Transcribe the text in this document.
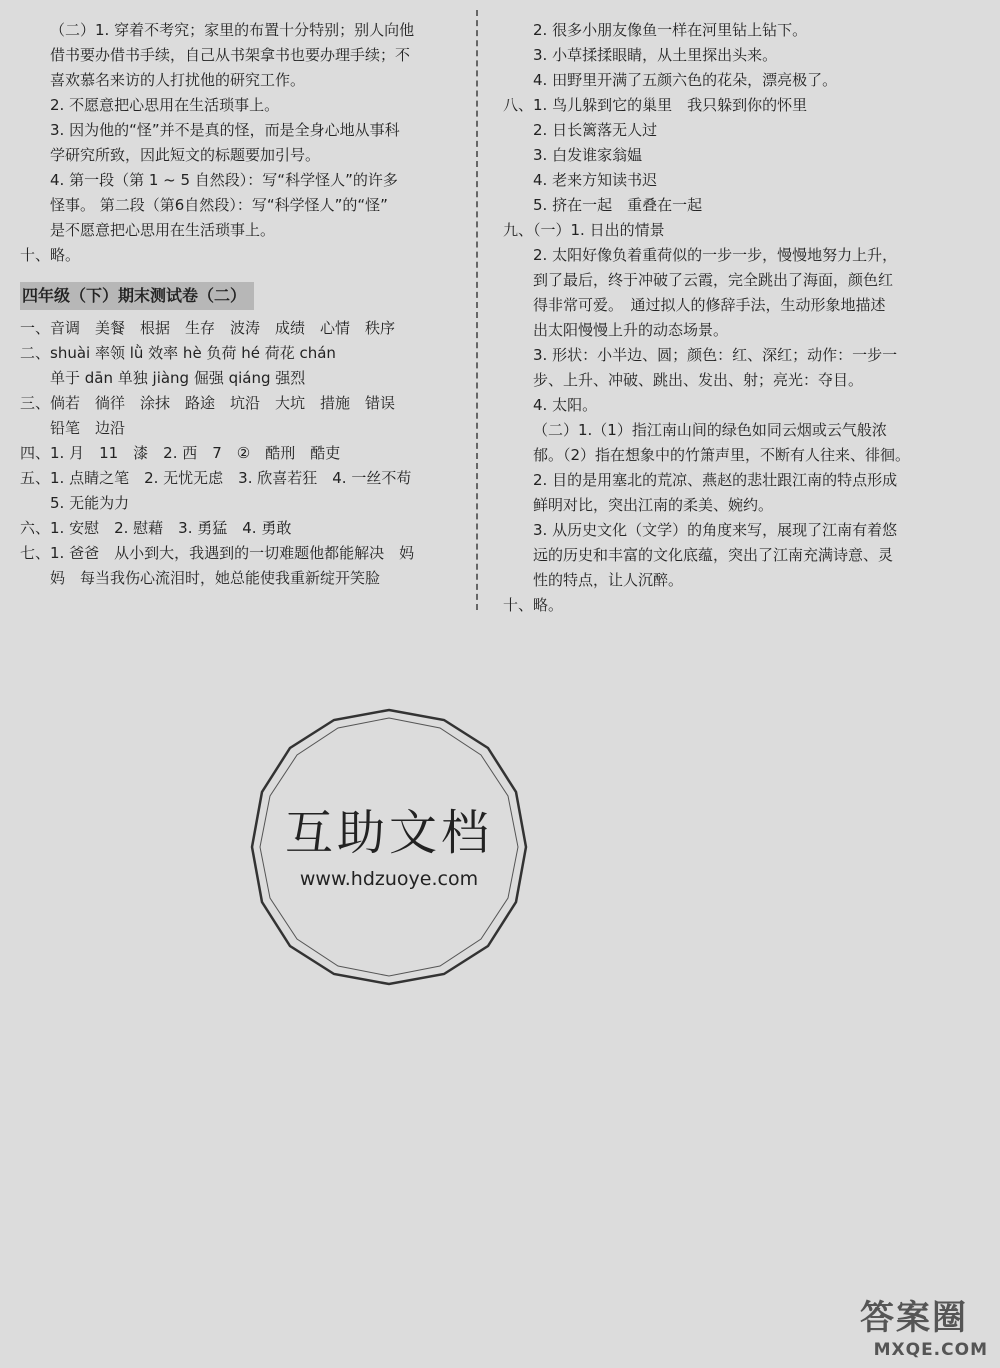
（二）1. 穿着不考究；家里的布置十分特别；别人向他
借书要办借书手续，自己从书架拿书也要办理手续；不
喜欢慕名来访的人打扰他的研究工作。
2. 不愿意把心思用在生活琐事上。
3. 因为他的“怪”并不是真的怪，而是全身心地从事科
学研究所致，因此短文的标题要加引号。
4. 第一段（第 1 ~ 5 自然段）：写“科学怪人”的许多
怪事。 第二段（第6自然段）：写“科学怪人”的“怪”
是不愿意把心思用在生活琐事上。
十、略。
四年级（下）期末测试卷（二）
一、音调　美餐　根据　生存　波涛　成绩　心情　秩序
二、shuài 率领 lǜ 效率 hè 负荷 hé 荷花 chán
单于 dān 单独 jiàng 倔强 qiáng 强烈
三、倘若　徜徉　涂抹　路途　坑沿　大坑　措施　错误
铅笔　边沿
四、1. 月　11　漆　2. 西　7　②　酷刑　酷吏
五、1. 点睛之笔　2. 无忧无虑　3. 欣喜若狂　4. 一丝不苟
5. 无能为力
六、1. 安慰　2. 慰藉　3. 勇猛　4. 勇敢
七、1. 爸爸　从小到大，我遇到的一切难题他都能解决　妈
妈　每当我伤心流泪时，她总能使我重新绽开笑脸
2. 很多小朋友像鱼一样在河里钻上钻下。
3. 小草揉揉眼睛，从土里探出头来。
4. 田野里开满了五颜六色的花朵，漂亮极了。
八、1. 鸟儿躲到它的巢里　我只躲到你的怀里
2. 日长篱落无人过
3. 白发谁家翁媪
4. 老来方知读书迟
5. 挤在一起　重叠在一起
九、（一）1. 日出的情景
2. 太阳好像负着重荷似的一步一步，慢慢地努力上升，
到了最后，终于冲破了云霞，完全跳出了海面，颜色红
得非常可爱。　通过拟人的修辞手法，生动形象地描述
出太阳慢慢上升的动态场景。
3. 形状：小半边、圆；颜色：红、深红；动作：一步一
步、上升、冲破、跳出、发出、射；亮光：夺目。
4. 太阳。
（二）1.（1）指江南山间的绿色如同云烟或云气般浓
郁。（2）指在想象中的竹箫声里，不断有人往来、徘徊。
2. 目的是用塞北的荒凉、燕赵的悲壮跟江南的特点形成
鲜明对比，突出江南的柔美、婉约。
3. 从历史文化（文学）的角度来写，展现了江南有着悠
远的历史和丰富的文化底蕴，突出了江南充满诗意、灵
性的特点，让人沉醉。
十、略。
互助文档
www.hdzuoye.com
答案圈
MXQE.COM
